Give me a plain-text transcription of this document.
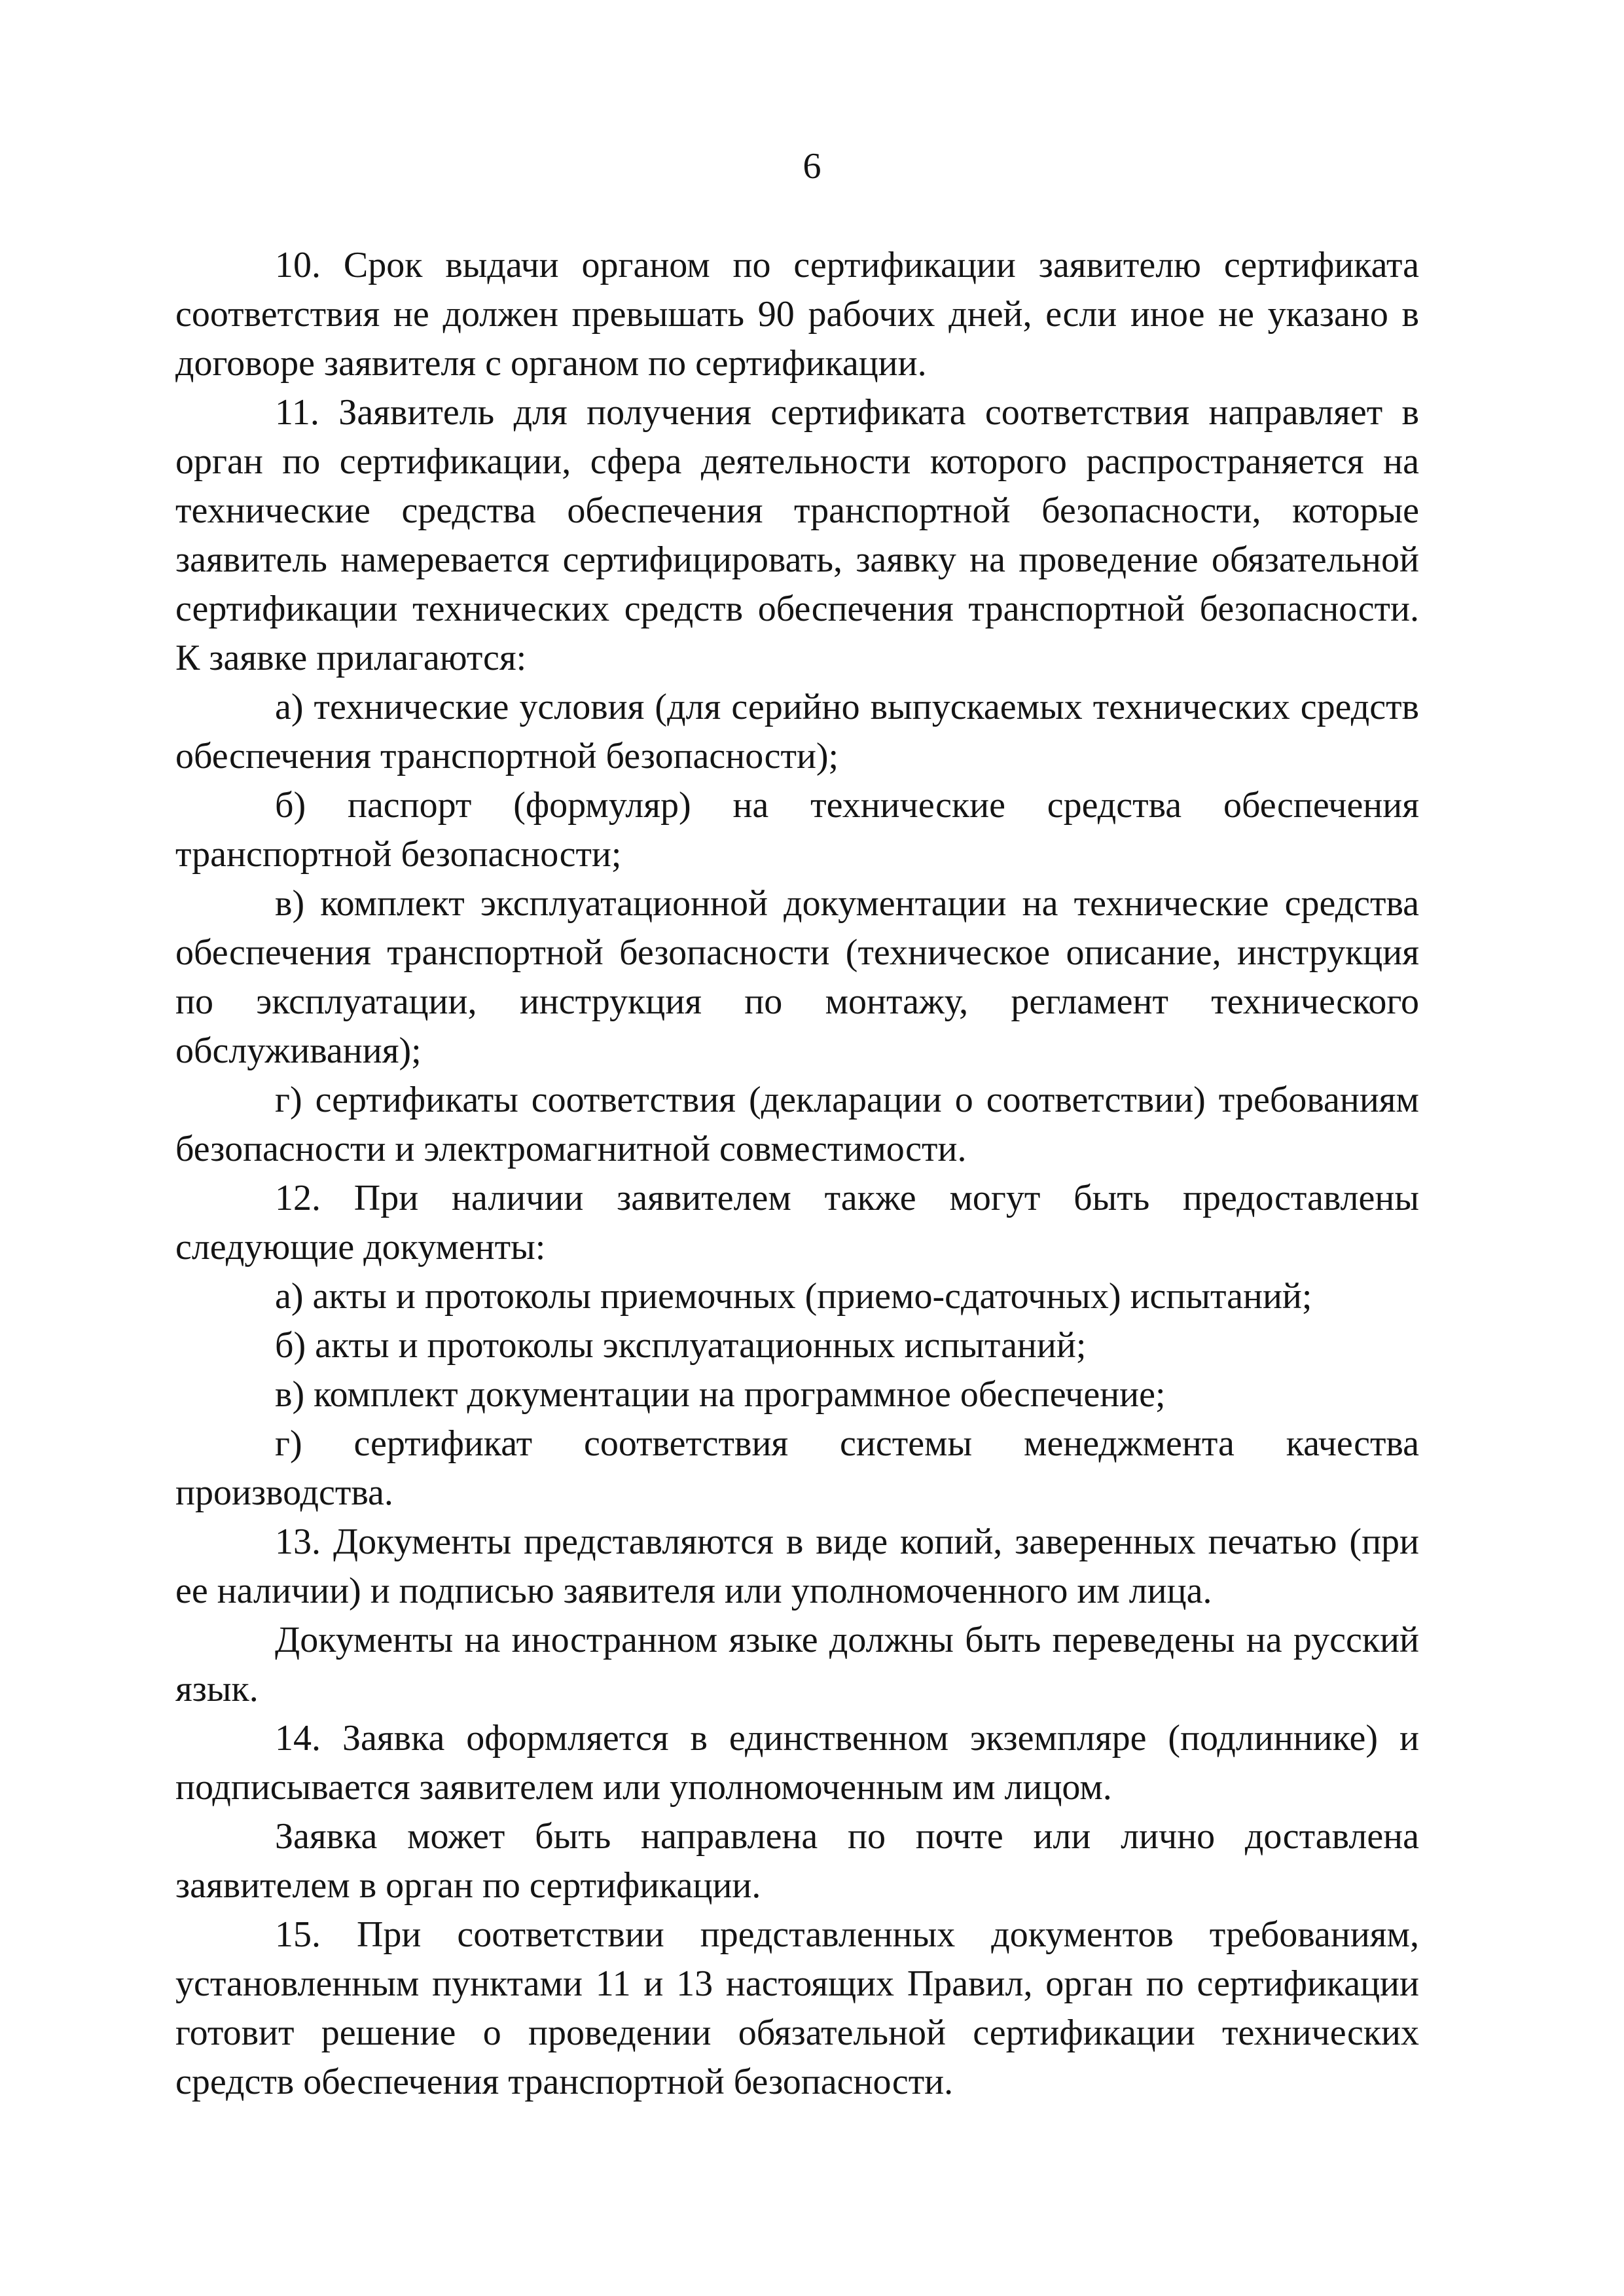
6

10. Срок выдачи органом по сертификации заявителю сертификата соответствия не должен превышать 90 рабочих дней, если иное не указано в договоре заявителя с органом по сертификации.

11. Заявитель для получения сертификата соответствия направляет в орган по сертификации, сфера деятельности которого распространяется на технические средства обеспечения транспортной безопасности, которые заявитель намеревается сертифицировать, заявку на проведение обязательной сертификации технических средств обеспечения транспортной безопасности. К заявке прилагаются:

а) технические условия (для серийно выпускаемых технических средств обеспечения транспортной безопасности);

б) паспорт (формуляр) на технические средства обеспечения транспортной безопасности;

в) комплект эксплуатационной документации на технические средства обеспечения транспортной безопасности (техническое описание, инструкция по эксплуатации, инструкция по монтажу, регламент технического обслуживания);

г) сертификаты соответствия (декларации о соответствии) требованиям безопасности и электромагнитной совместимости.

12. При наличии заявителем также могут быть предоставлены следующие документы:

а) акты и протоколы приемочных (приемо-сдаточных) испытаний;

б) акты и протоколы эксплуатационных испытаний;

в) комплект документации на программное обеспечение;

г) сертификат соответствия системы менеджмента качества производства.

13. Документы представляются в виде копий, заверенных печатью (при ее наличии) и подписью заявителя или уполномоченного им лица.

Документы на иностранном языке должны быть переведены на русский язык.

14. Заявка оформляется в единственном экземпляре (подлиннике) и подписывается заявителем или уполномоченным им лицом.

Заявка может быть направлена по почте или лично доставлена заявителем в орган по сертификации.

15. При соответствии представленных документов требованиям, установленным пунктами 11 и 13 настоящих Правил, орган по сертификации готовит решение о проведении обязательной сертификации технических средств обеспечения транспортной безопасности.
